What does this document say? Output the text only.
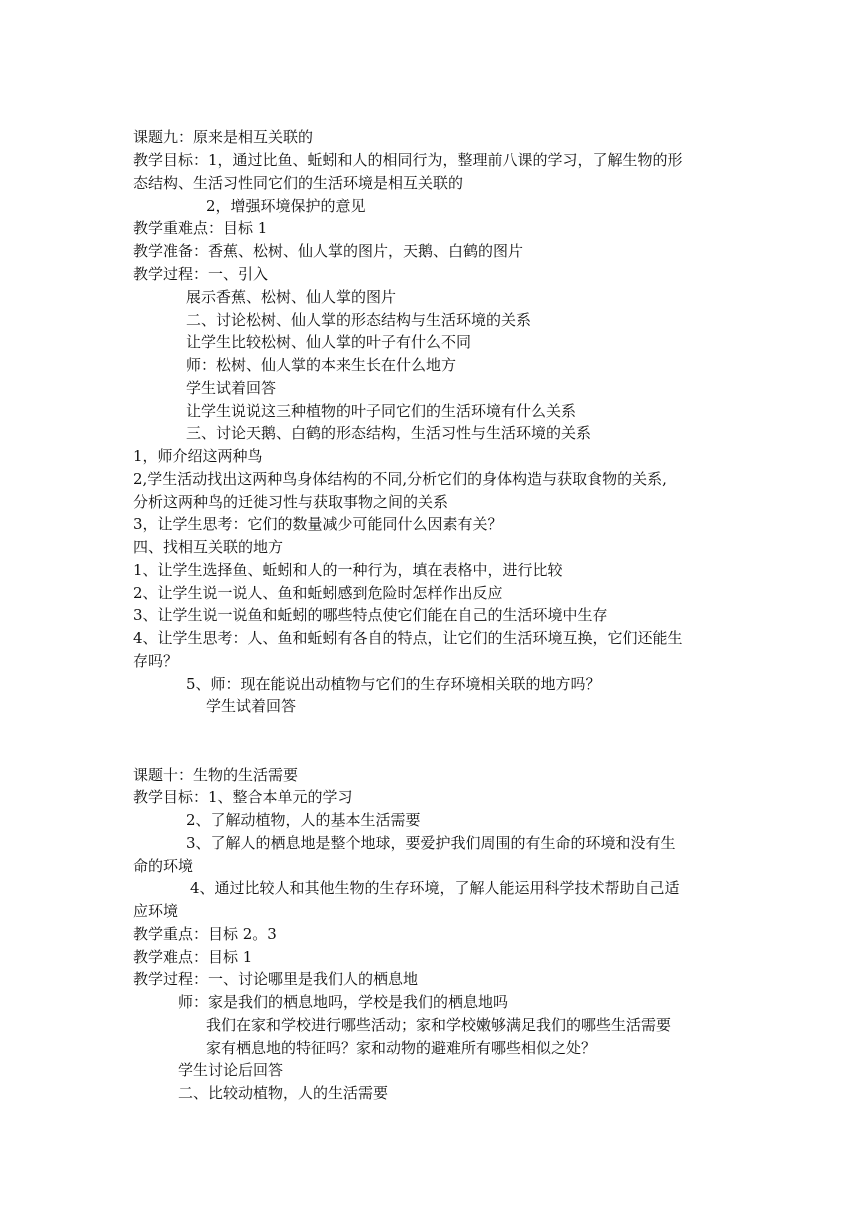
课题九：原来是相互关联的
教学目标：1，通过比鱼、蚯蚓和人的相同行为，整理前八课的学习，了解生物的形
态结构、生活习性同它们的生活环境是相互关联的
2，增强环境保护的意见
教学重难点：目标 1
教学准备：香蕉、松树、仙人掌的图片，天鹅、白鹤的图片
教学过程：一、引入
展示香蕉、松树、仙人掌的图片
二、讨论松树、仙人掌的形态结构与生活环境的关系
让学生比较松树、仙人掌的叶子有什么不同
师：松树、仙人掌的本来生长在什么地方
学生试着回答
让学生说说这三种植物的叶子同它们的生活环境有什么关系
三、讨论天鹅、白鹤的形态结构，生活习性与生活环境的关系
1，师介绍这两种鸟
2,学生活动找出这两种鸟身体结构的不同,分析它们的身体构造与获取食物的关系,
分析这两种鸟的迁徙习性与获取事物之间的关系
3，让学生思考：它们的数量减少可能同什么因素有关？
四、找相互关联的地方
1、让学生选择鱼、蚯蚓和人的一种行为，填在表格中，进行比较
2、让学生说一说人、鱼和蚯蚓感到危险时怎样作出反应
3、让学生说一说鱼和蚯蚓的哪些特点使它们能在自己的生活环境中生存
4、让学生思考：人、鱼和蚯蚓有各自的特点，让它们的生活环境互换，它们还能生
存吗？
5、师：现在能说出动植物与它们的生存环境相关联的地方吗？
学生试着回答
课题十：生物的生活需要
教学目标：1、整合本单元的学习
2、了解动植物，人的基本生活需要
3、了解人的栖息地是整个地球，要爱护我们周围的有生命的环境和没有生
命的环境
4、通过比较人和其他生物的生存环境，了解人能运用科学技术帮助自己适
应环境
教学重点：目标 2。3
教学难点：目标 1
教学过程：一、讨论哪里是我们人的栖息地
师：家是我们的栖息地吗，学校是我们的栖息地吗
我们在家和学校进行哪些活动；家和学校嫩够满足我们的哪些生活需要
家有栖息地的特征吗？家和动物的避难所有哪些相似之处？
学生讨论后回答
二、比较动植物，人的生活需要
